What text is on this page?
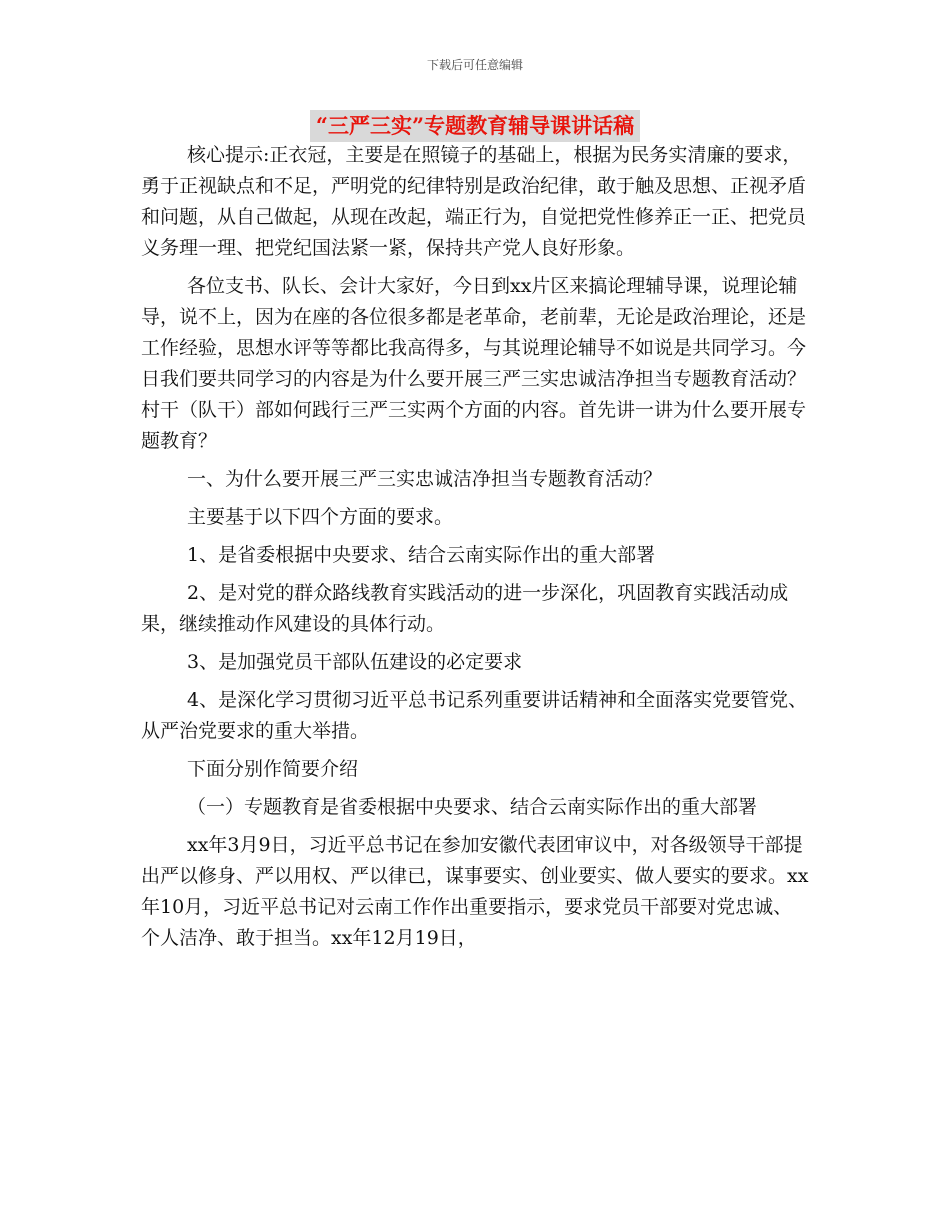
下载后可任意编辑
“三严三实”专题教育辅导课讲话稿

核心提示:正衣冠，主要是在照镜子的基础上，根据为民务实清廉的要求，勇于正视缺点和不足，严明党的纪律特别是政治纪律，敢于触及思想、正视矛盾和问题，从自己做起，从现在改起，端正行为，自觉把党性修养正一正、把党员义务理一理、把党纪国法紧一紧，保持共产党人良好形象。

各位支书、队长、会计大家好，今日到xx片区来搞论理辅导课，说理论辅导，说不上，因为在座的各位很多都是老革命，老前辈，无论是政治理论，还是工作经验，思想水评等等都比我高得多，与其说理论辅导不如说是共同学习。今日我们要共同学习的内容是为什么要开展三严三实忠诚洁净担当专题教育活动？村干（队干）部如何践行三严三实两个方面的内容。首先讲一讲为什么要开展专题教育？

一、为什么要开展三严三实忠诚洁净担当专题教育活动？

主要基于以下四个方面的要求。

1、是省委根据中央要求、结合云南实际作出的重大部署

2、是对党的群众路线教育实践活动的进一步深化，巩固教育实践活动成果，继续推动作风建设的具体行动。

3、是加强党员干部队伍建设的必定要求

4、是深化学习贯彻习近平总书记系列重要讲话精神和全面落实党要管党、从严治党要求的重大举措。

下面分别作简要介绍

（一）专题教育是省委根据中央要求、结合云南实际作出的重大部署

xx年3月9日，习近平总书记在参加安徽代表团审议中，对各级领导干部提出严以修身、严以用权、严以律已，谋事要实、创业要实、做人要实的要求。xx年10月，习近平总书记对云南工作作出重要指示，要求党员干部要对党忠诚、个人洁净、敢于担当。xx年12月19日，
